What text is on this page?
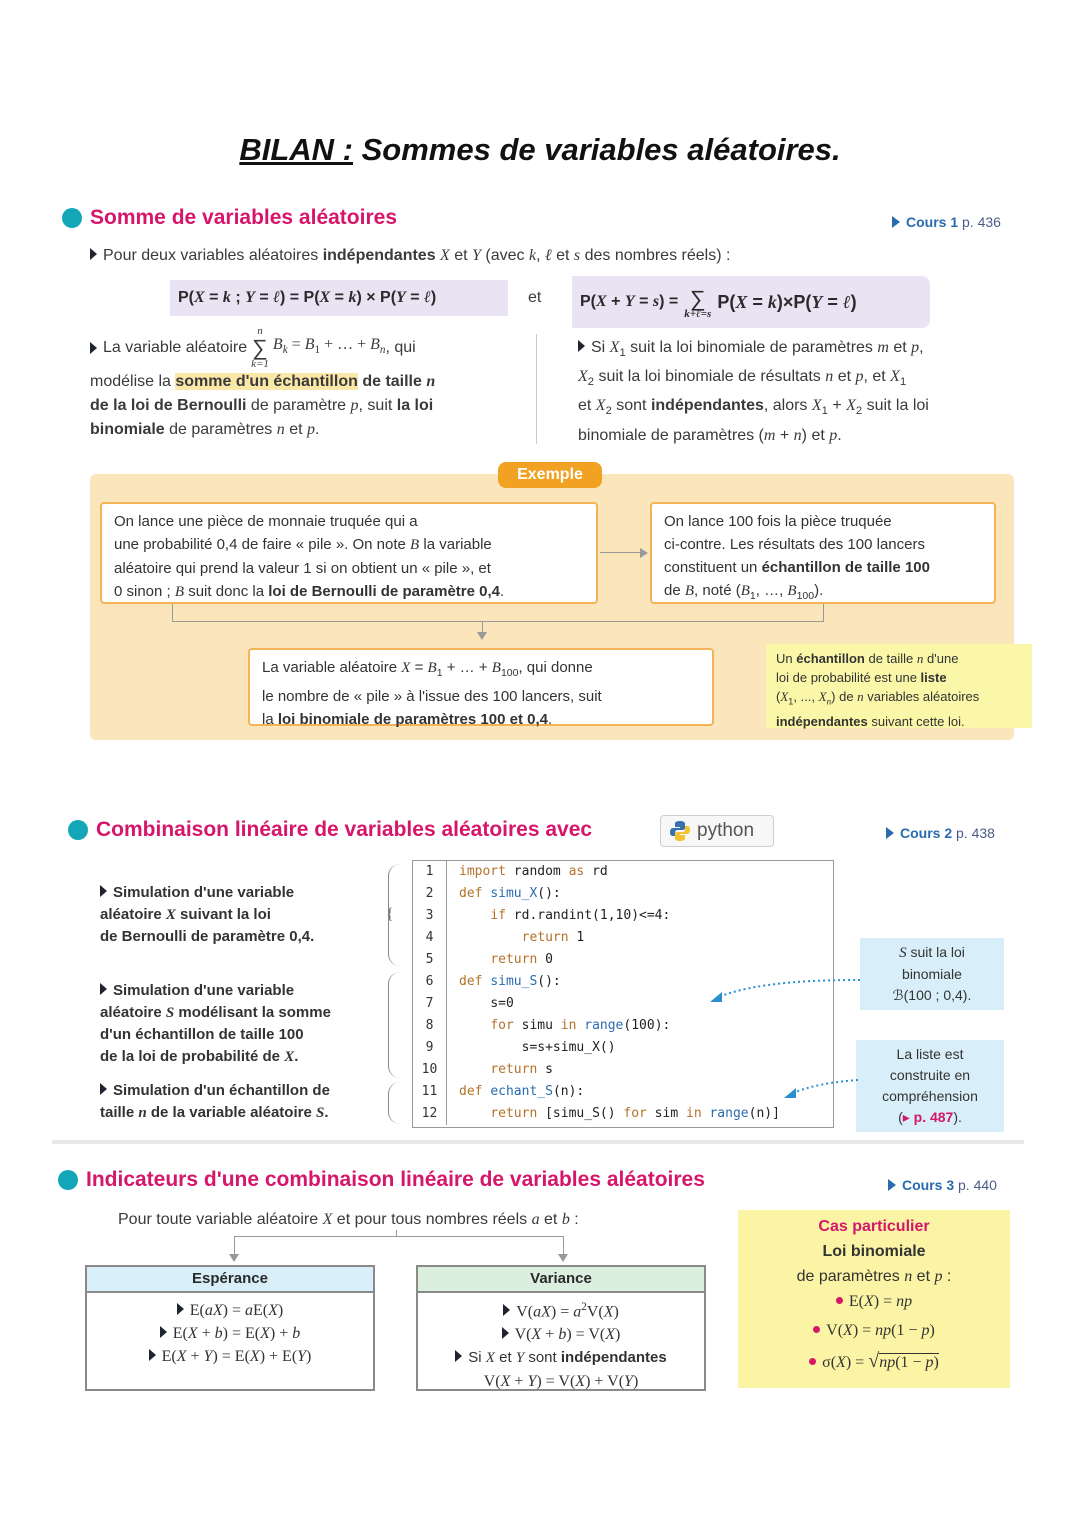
BILAN : Sommes de variables aléatoires.
Somme de variables aléatoires	Cours 1 p. 436
Pour deux variables aléatoires indépendantes X et Y (avec k, ℓ et s des nombres réels) :
P(X = k ; Y = ℓ) = P(X = k) × P(Y = ℓ)	et P(X + Y = s) = ∑
k+ℓ=s
P(X = k)×P(Y = ℓ)
La variable aléatoire
n
∑
k=1
$B_k = B_1$ + … + $B_n$ , qui
modélise la somme d'un échantillon de taille n
de la loi de Bernoulli de paramètre p, suit la loi
binomiale de paramètres n et p.
Si $X_1$ suit la loi binomiale de paramètres m et p,
$X_2$ suit la loi binomiale de résultats n et p, et $X_1$
et $X_2$ sont indépendantes, alors $X_1 + X_2$ suit la loi
binomiale de paramètres (m + n) et p.
Exemple
On lance une pièce de monnaie truquée qui a
une probabilité 0,4 de faire « pile ». On note B la variable
aléatoire qui prend la valeur 1 si on obtient un « pile », et
0 sinon ; B suit donc la loi de Bernoulli de paramètre 0,4.
On lance 100 fois la pièce truquée
ci-contre. Les résultats des 100 lancers
constituent un échantillon de taille 100
de B, noté ($B_1$, …, $B_{100}$).
La variable aléatoire $X = B_1$ + … + $B_{100}$, qui donne
le nombre de « pile » à l'issue des 100 lancers, suit
la loi binomiale de paramètres 100 et 0,4.
Un échantillon de taille n d'une
loi de probabilité est une liste
($X_1$, ..., $X_n$) de n variables aléatoires
indépendantes suivant cette loi.
Combinaison linéaire de variables aléatoires avec	python	Cours 2 p. 438
Simulation d'une variable
aléatoire X suivant la loi
de Bernoulli de paramètre 0,4.
{
Simulation d'une variable
aléatoire S modélisant la somme
d'un échantillon de taille 100
de la loi de probabilité de X.
Simulation d'un échantillon de
taille n de la variable aléatoire S.
1	import random as rd
2	def simu_X():
3	if rd.randint(1,10)<=4:
4	return 1
5	return 0
6	def simu_S():
7	s=0
8	for simu in range(100):
9	s=s+simu_X()
10	return s
11	def echant_S(n):
12	return [simu_S() for sim in range(n)]
S suit la loi
binomiale
ℬ(100 ; 0,4).
La liste est
construite en
compréhension
(▸ p. 487).
Indicateurs d'une combinaison linéaire de variables aléatoires	Cours 3 p. 440
Pour toute variable aléatoire X et pour tous nombres réels a et b :
Espérance
E(aX) = aE(X)
E(X + b) = E(X) + b
E(X + Y) = E(X) + E(Y)
Variance
$V(aX) = a^2V(X)$
V(X + b) = V(X)
Si X et Y sont indépendantes
V(X + Y) = V(X) + V(Y)
Cas particulier
Loi binomiale
de paramètres n et p :
E(X) = np
V(X) = np(1 − p)
σ(X) = √np(1 − p)
